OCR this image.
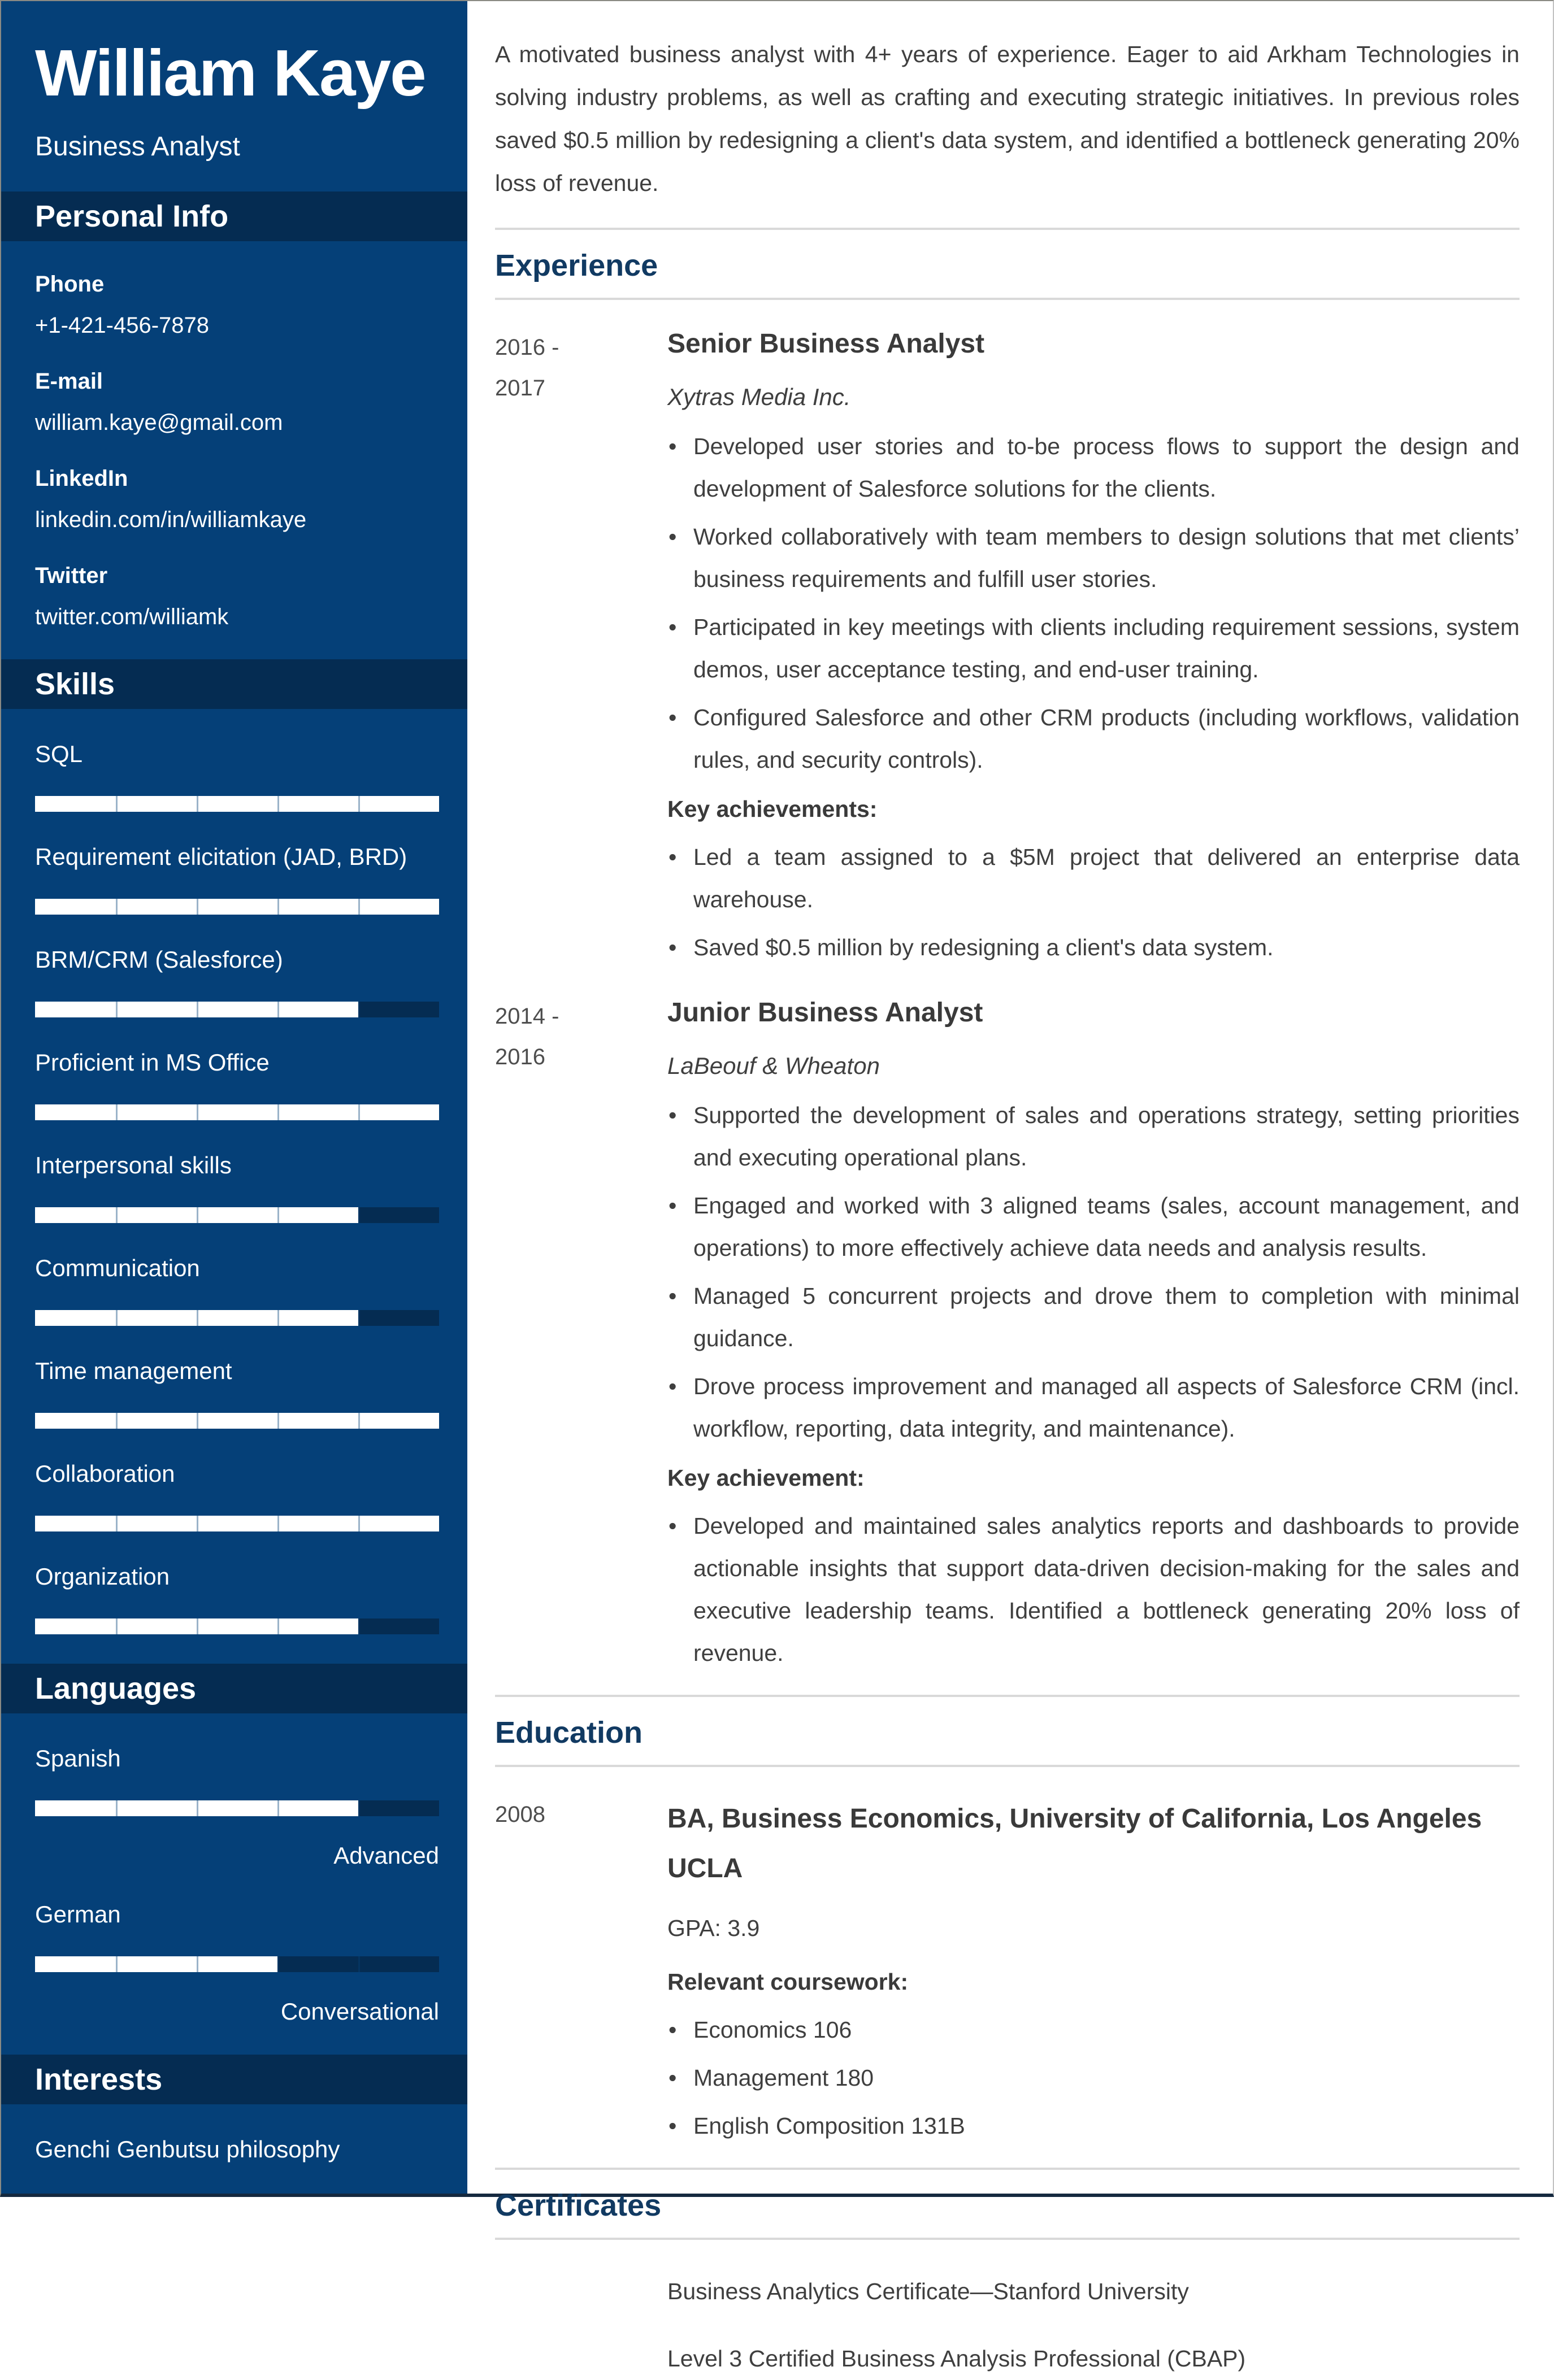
William Kaye
Business Analyst
Personal Info
Phone
+1-421-456-7878
E-mail
william.kaye@gmail.com
LinkedIn
linkedin.com/in/williamkaye
Twitter
twitter.com/williamk
Skills
SQL
Requirement elicitation (JAD, BRD)
BRM/CRM (Salesforce)
Proficient in MS Office
Interpersonal skills
Communication
Time management
Collaboration
Organization
Languages
Spanish
Advanced
German
Conversational
Interests
Genchi Genbutsu philosophy
Running half-marathons

A motivated business analyst with 4+ years of experience. Eager to aid Arkham Technologies in solving industry problems, as well as crafting and executing strategic initiatives. In previous roles saved $0.5 million by redesigning a client's data system, and identified a bottleneck generating 20% loss of revenue.

Experience
2016 -
2017
Senior Business Analyst
Xytras Media Inc.
• Developed user stories and to-be process flows to support the design and development of Salesforce solutions for the clients.
• Worked collaboratively with team members to design solutions that met clients’ business requirements and fulfill user stories.
• Participated in key meetings with clients including requirement sessions, system demos, user acceptance testing, and end-user training.
• Configured Salesforce and other CRM products (including workflows, validation rules, and security controls).
Key achievements:
• Led a team assigned to a $5M project that delivered an enterprise data warehouse.
• Saved $0.5 million by redesigning a client's data system.
2014 -
2016
Junior Business Analyst
LaBeouf & Wheaton
• Supported the development of sales and operations strategy, setting priorities and executing operational plans.
• Engaged and worked with 3 aligned teams (sales, account management, and operations) to more effectively achieve data needs and analysis results.
• Managed 5 concurrent projects and drove them to completion with minimal guidance.
• Drove process improvement and managed all aspects of Salesforce CRM (incl. workflow, reporting, data integrity, and maintenance).
Key achievement:
• Developed and maintained sales analytics reports and dashboards to provide actionable insights that support data-driven decision-making for the sales and executive leadership teams. Identified a bottleneck generating 20% loss of revenue.
Education
2008	BA, Business Economics, University of California, Los Angeles UCLA
GPA: 3.9
Relevant coursework:
• Economics 106
• Management 180
• English Composition 131B
Certificates
Business Analytics Certificate—Stanford University
Level 3 Certified Business Analysis Professional (CBAP)
